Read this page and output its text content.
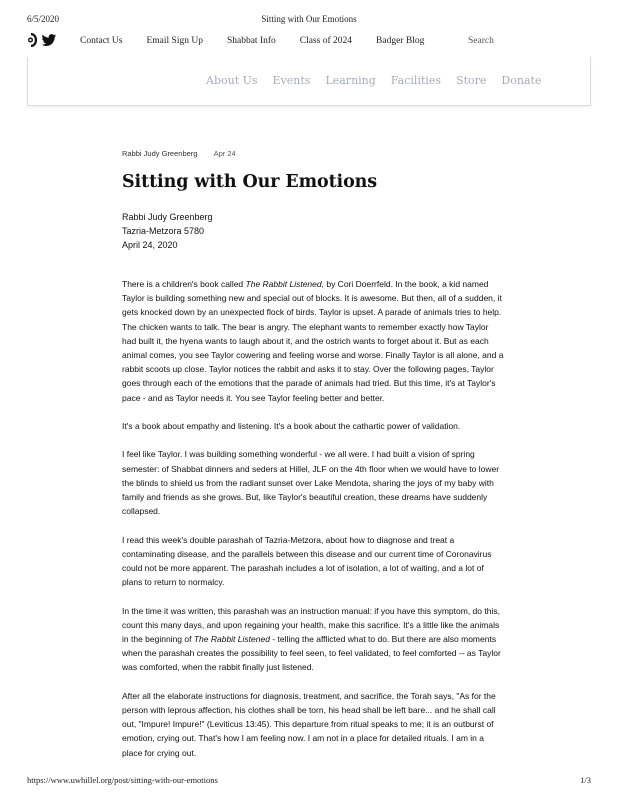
6/5/2020	Sitting with Our Emotions
Contact Us	Email Sign Up	Shabbat Info	Class of 2024	Badger Blog	Search
About Us Events Learning Facilities Store Donate
Rabbi Judy Greenberg Apr 24
Sitting with Our Emotions
Rabbi Judy Greenberg
Tazria-Metzora 5780
April 24, 2020

There is a children's book called The Rabbit Listened, by Cori Doerrfeld. In the book, a kid named Taylor is building something new and special out of blocks. It is awesome. But then, all of a sudden, it gets knocked down by an unexpected flock of birds. Taylor is upset. A parade of animals tries to help. The chicken wants to talk. The bear is angry. The elephant wants to remember exactly how Taylor had built it, the hyena wants to laugh about it, and the ostrich wants to forget about it. But as each animal comes, you see Taylor cowering and feeling worse and worse. Finally Taylor is all alone, and a rabbit scoots up close. Taylor notices the rabbit and asks it to stay. Over the following pages, Taylor goes through each of the emotions that the parade of animals had tried. But this time, it's at Taylor's pace - and as Taylor needs it. You see Taylor feeling better and better.

It's a book about empathy and listening. It's a book about the cathartic power of validation.

I feel like Taylor. I was building something wonderful - we all were. I had built a vision of spring semester: of Shabbat dinners and seders at Hillel, JLF on the 4th floor when we would have to lower the blinds to shield us from the radiant sunset over Lake Mendota, sharing the joys of my baby with family and friends as she grows. But, like Taylor's beautiful creation, these dreams have suddenly collapsed.

I read this week's double parashah of Tazria-Metzora, about how to diagnose and treat a contaminating disease, and the parallels between this disease and our current time of Coronavirus could not be more apparent. The parashah includes a lot of isolation, a lot of waiting, and a lot of plans to return to normalcy.

In the time it was written, this parashah was an instruction manual: if you have this symptom, do this, count this many days, and upon regaining your health, make this sacrifice. It's a little like the animals in the beginning of The Rabbit Listened - telling the afflicted what to do. But there are also moments when the parashah creates the possibility to feel seen, to feel validated, to feel comforted -- as Taylor was comforted, when the rabbit finally just listened.

After all the elaborate instructions for diagnosis, treatment, and sacrifice, the Torah says, "As for the person with leprous affection, his clothes shall be torn, his head shall be left bare... and he shall call out, "Impure! Impure!" (Leviticus 13:45). This departure from ritual speaks to me; it is an outburst of emotion, crying out. That's how I am feeling now. I am not in a place for detailed rituals. I am in a place for crying out.

https://www.uwhillel.org/post/sitting-with-our-emotions	1/3
